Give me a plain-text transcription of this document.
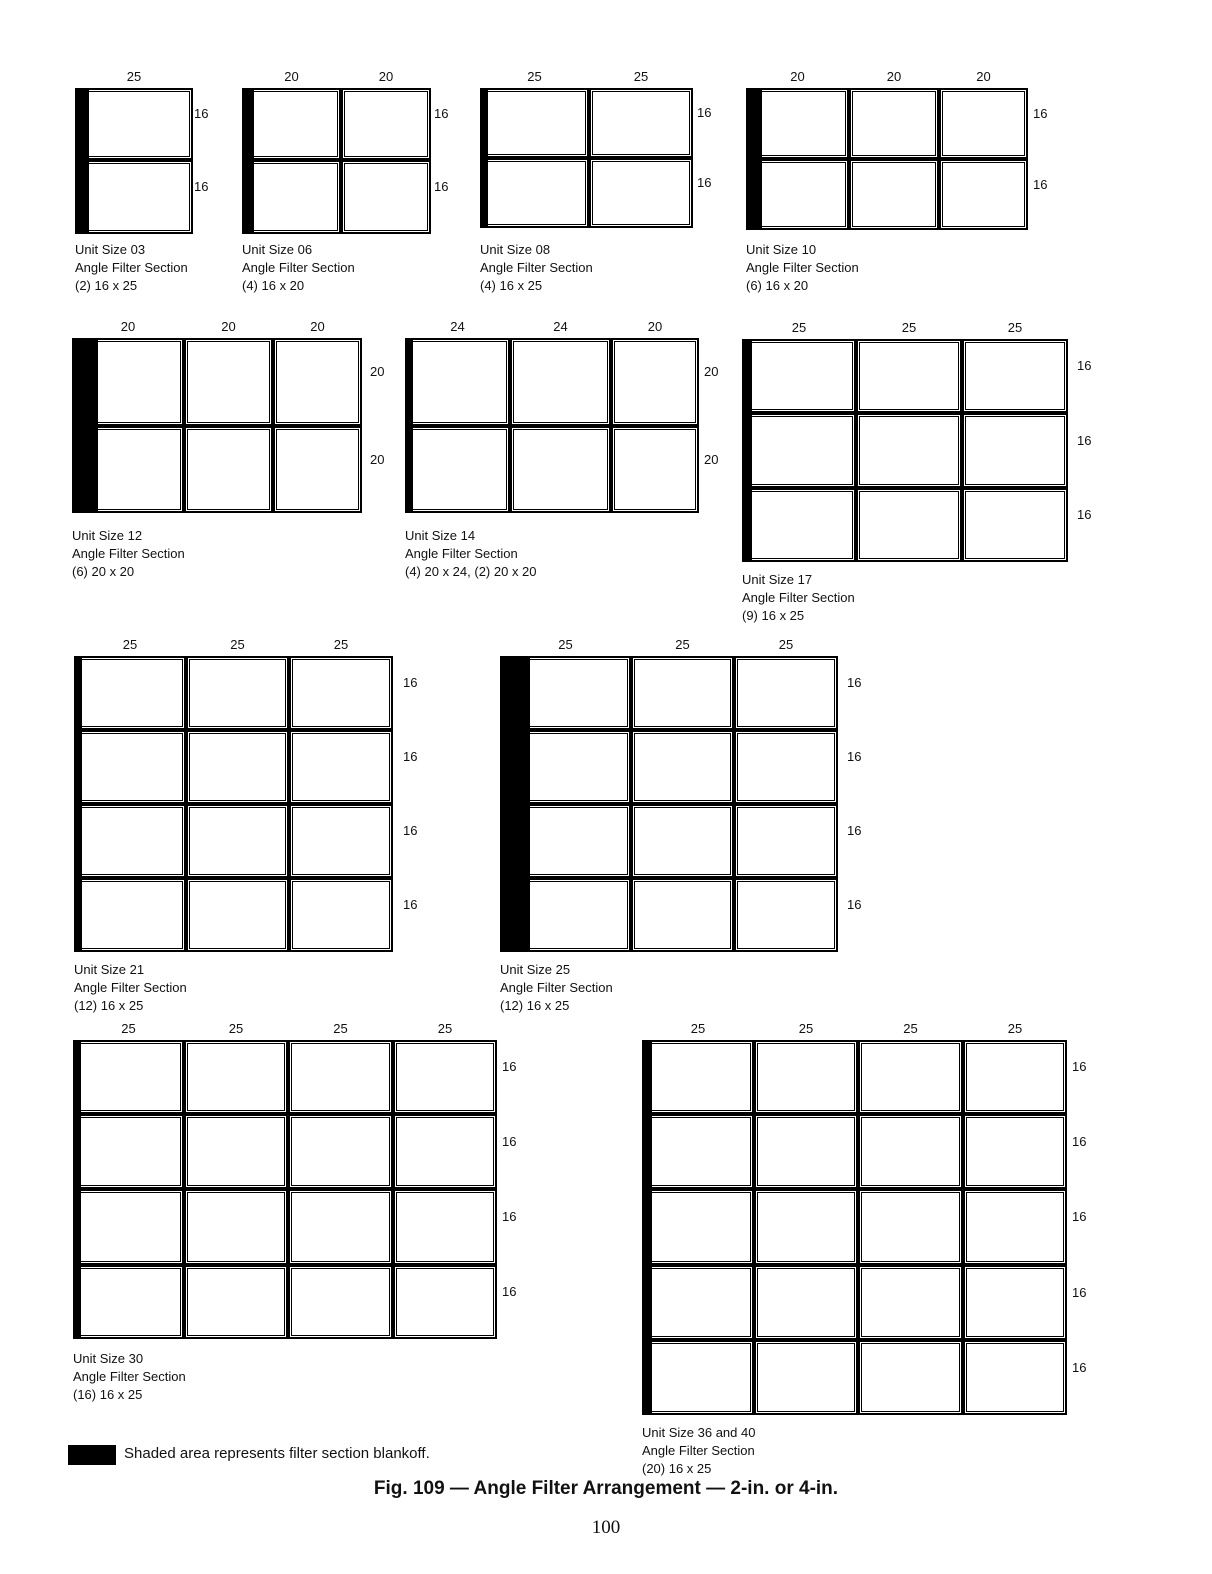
25
16
16
Unit Size 03
Angle Filter Section
(2) 16 x 25
20	20
16
16
Unit Size 06
Angle Filter Section
(4) 16 x 20
25	25
16
16
Unit Size 08
Angle Filter Section
(4) 16 x 25
20	20	20
16
16
Unit Size 10
Angle Filter Section
(6) 16 x 20
20	20	20
20
20
Unit Size 12
Angle Filter Section
(6) 20 x 20
24	24	20
20
20
Unit Size 14
Angle Filter Section
(4) 20 x 24, (2) 20 x 20
25	25	25
16
16
16
Unit Size 17
Angle Filter Section
(9) 16 x 25
25	25	25
16
16
16
16
Unit Size 21
Angle Filter Section
(12) 16 x 25
25	25	25
16
16
16
16
Unit Size 25
Angle Filter Section
(12) 16 x 25
25	25	25	25
16
16
16
16
Unit Size 30
Angle Filter Section
(16) 16 x 25
25	25	25	25
16
16
16
16
16
Unit Size 36 and 40
Angle Filter Section
(20) 16 x 25
Shaded area represents filter section blankoff.
Fig. 109 — Angle Filter Arrangement — 2-in. or 4-in.
100
